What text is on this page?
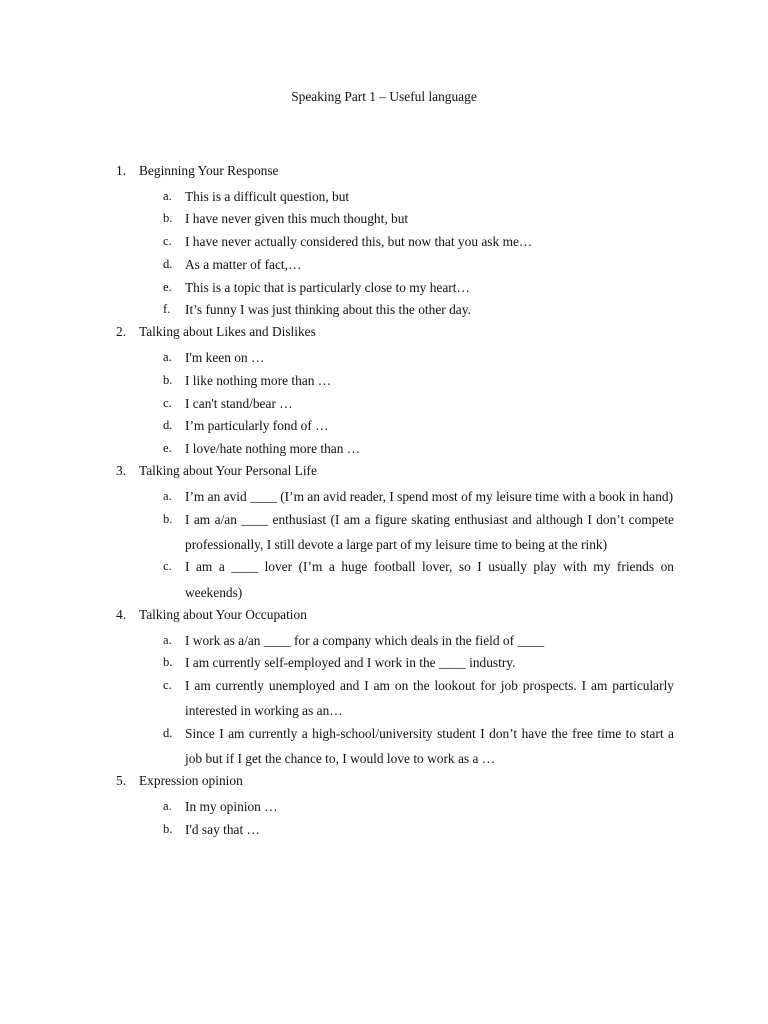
Speaking Part 1 – Useful language
1. Beginning Your Response
a. This is a difficult question, but
b. I have never given this much thought, but
c. I have never actually considered this, but now that you ask me…
d. As a matter of fact,…
e. This is a topic that is particularly close to my heart…
f. It’s funny I was just thinking about this the other day.
2. Talking about Likes and Dislikes
a. I'm keen on …
b. I like nothing more than …
c. I can't stand/bear …
d. I’m particularly fond of …
e. I love/hate nothing more than …
3. Talking about Your Personal Life
a. I’m an avid ____ (I’m an avid reader, I spend most of my leisure time with a book in hand)
b. I am a/an ____ enthusiast (I am a figure skating enthusiast and although I don’t compete professionally, I still devote a large part of my leisure time to being at the rink)
c. I am a ____ lover (I’m a huge football lover, so I usually play with my friends on weekends)
4. Talking about Your Occupation
a. I work as a/an ____ for a company which deals in the field of ____
b. I am currently self-employed and I work in the ____ industry.
c. I am currently unemployed and I am on the lookout for job prospects. I am particularly interested in working as an…
d. Since I am currently a high-school/university student I don’t have the free time to start a job but if I get the chance to, I would love to work as a …
5. Expression opinion
a. In my opinion …
b. I'd say that …
